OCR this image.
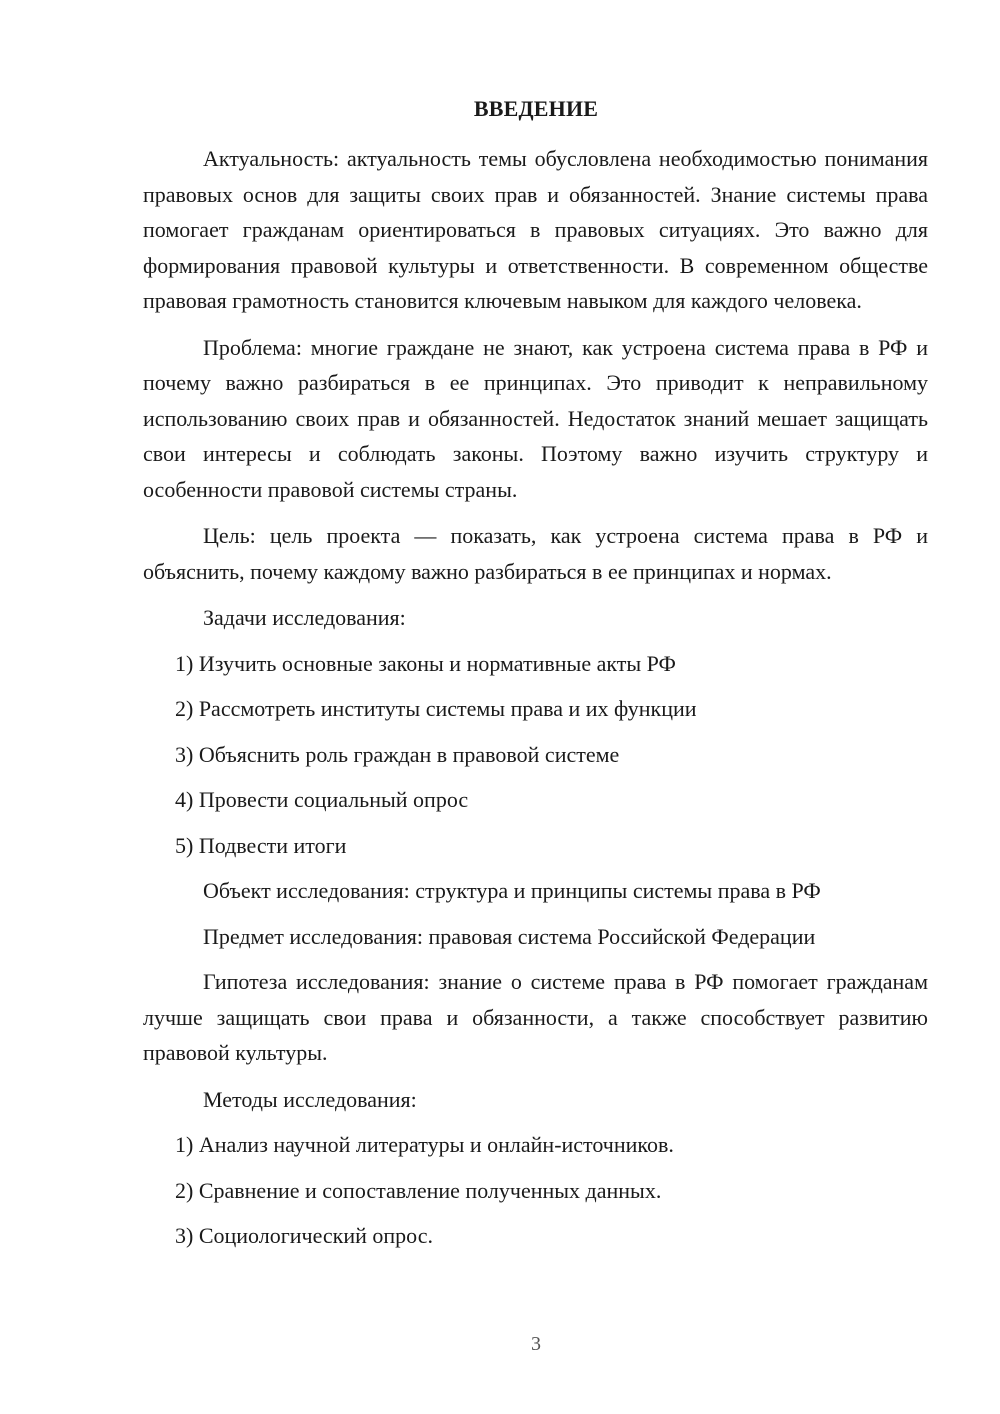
ВВЕДЕНИЕ

Актуальность: актуальность темы обусловлена необходимостью понимания правовых основ для защиты своих прав и обязанностей. Знание системы права помогает гражданам ориентироваться в правовых ситуациях. Это важно для формирования правовой культуры и ответственности. В современном обществе правовая грамотность становится ключевым навыком для каждого человека.

Проблема: многие граждане не знают, как устроена система права в РФ и почему важно разбираться в ее принципах. Это приводит к неправильному использованию своих прав и обязанностей. Недостаток знаний мешает защищать свои интересы и соблюдать законы. Поэтому важно изучить структуру и особенности правовой системы страны.

Цель: цель проекта — показать, как устроена система права в РФ и объяснить, почему каждому важно разбираться в ее принципах и нормах.

Задачи исследования:

1) Изучить основные законы и нормативные акты РФ

2) Рассмотреть институты системы права и их функции

3) Объяснить роль граждан в правовой системе

4) Провести социальный опрос

5) Подвести итоги

Объект исследования: структура и принципы системы права в РФ

Предмет исследования: правовая система Российской Федерации

Гипотеза исследования: знание о системе права в РФ помогает гражданам лучше защищать свои права и обязанности, а также способствует развитию правовой культуры.

Методы исследования:

1) Анализ научной литературы и онлайн-источников.

2) Сравнение и сопоставление полученных данных.

3) Социологический опрос.

3
